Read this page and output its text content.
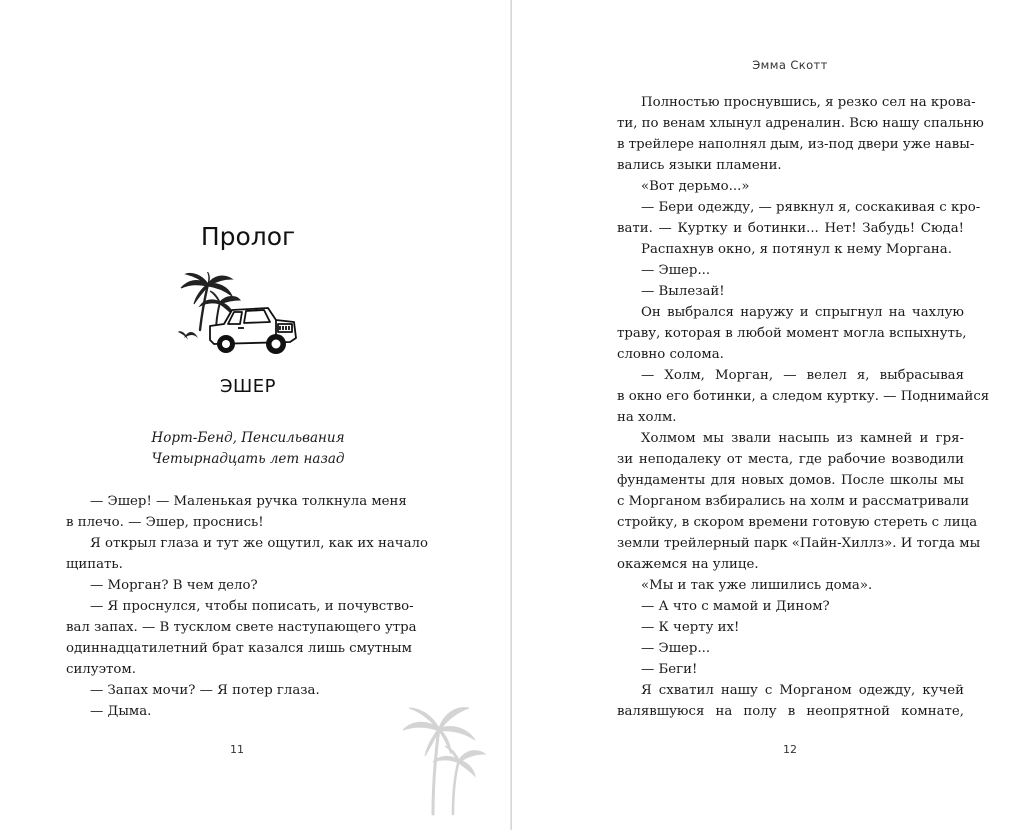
Пролог
ЭШЕР
Норт-Бенд, Пенсильвания
Четырнадцать лет назад
— Эшер! — Маленькая ручка толкнула меня
в плечо. — Эшер, проснись!
Я открыл глаза и тут же ощутил, как их начало
щипать.
— Морган? В чем дело?
— Я проснулся, чтобы пописать, и почувство-
вал запах. — В тусклом свете наступающего утра
одиннадцатилетний брат казался лишь смутным
силуэтом.
— Запах мочи? — Я потер глаза.
— Дыма.
11
Эмма Скотт
12
Полностью проснувшись, я резко сел на крова-
ти, по венам хлынул адреналин. Всю нашу спальню
в трейлере наполнял дым, из-под двери уже навы-
вались языки пламени.
«Вот дерьмо...»
— Бери одежду, — рявкнул я, соскакивая с кро-
вати. — Куртку и ботинки... Нет! Забудь! Сюда!
Распахнув окно, я потянул к нему Моргана.
— Эшер...
— Вылезай!
Он выбрался наружу и спрыгнул на чахлую
траву, которая в любой момент могла вспыхнуть,
словно солома.
— Холм, Морган, — велел я, выбрасывая
в окно его ботинки, а следом куртку. — Поднимайся
на холм.
Холмом мы звали насыпь из камней и гря-
зи неподалеку от места, где рабочие возводили
фундаменты для новых домов. После школы мы
с Морганом взбирались на холм и рассматривали
стройку, в скором времени готовую стереть с лица
земли трейлерный парк «Пайн-Хиллз». И тогда мы
окажемся на улице.
«Мы и так уже лишились дома».
— А что с мамой и Дином?
— К черту их!
— Эшер...
— Беги!
Я схватил нашу с Морганом одежду, кучей
валявшуюся на полу в неопрятной комнате,
